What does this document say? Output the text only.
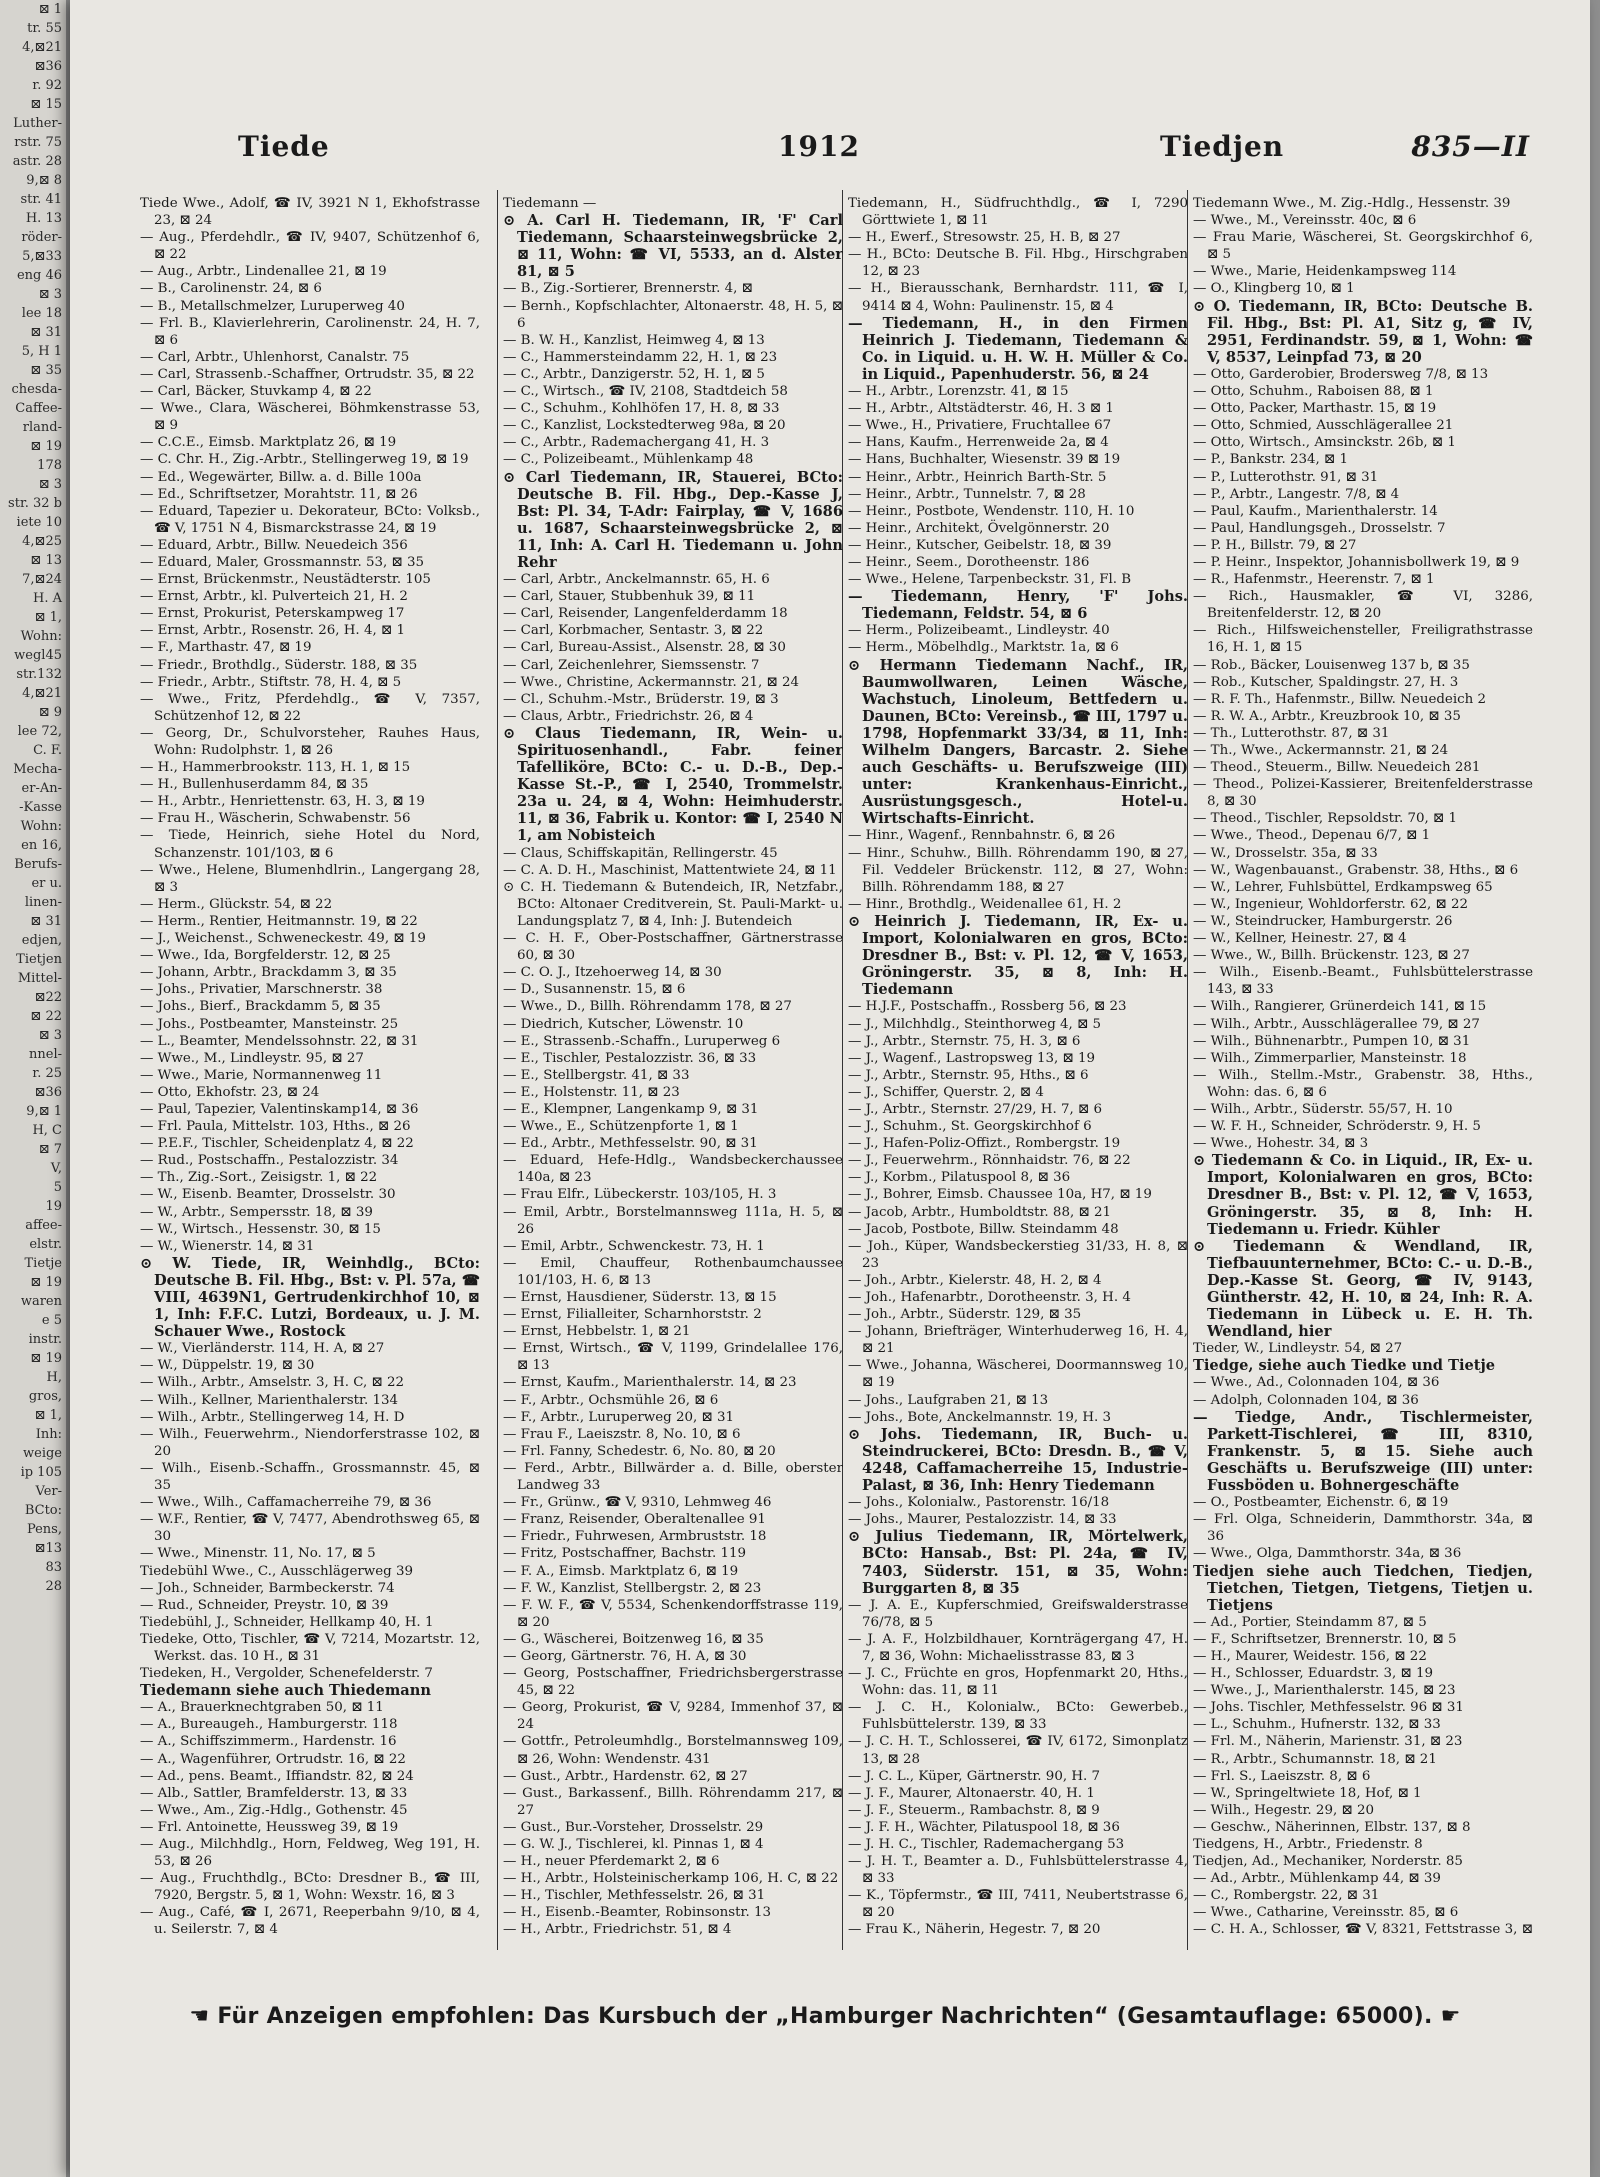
⊠ 1
tr. 55
4,⊠21
⊠36
r. 92
⊠ 15
Luther-
rstr. 75
astr. 28
9,⊠ 8
str. 41
H. 13
röder-
5,⊠33
eng 46
⊠ 3
lee 18
⊠ 31
5, H 1
⊠ 35
chesda-
Caffee-
rland-
⊠ 19
178
⊠ 3
str. 32 b
iete 10
4,⊠25
⊠ 13
7,⊠24
H. A
⊠ 1,
Wohn:
wegl45
str.132
4,⊠21
⊠ 9
lee 72,
C. F.
Mecha-
er-An-
-Kasse
Wohn:
en 16,
Berufs-
er u.
linen-
⊠ 31
edjen,
Tietjen
Mittel-
⊠22
⊠ 22
⊠ 3
nnel-
r. 25
⊠36
9,⊠ 1
H, C
⊠ 7
V,
5
19
affee-
elstr.
Tietje
⊠ 19
waren
e 5
instr.
⊠ 19
H,
gros,
⊠ 1,
Inh:
weige
ip 105
Ver-
BCto:
Pens,
⊠13
83
28
Tiede	1912	Tiedjen	835—II

Tiede Wwe., Adolf, ☎ IV, 3921 N 1, Ekhofstrasse 23, ⊠ 24

— Aug., Pferdehdlr., ☎ IV, 9407, Schützenhof 6, ⊠ 22

— Aug., Arbtr., Lindenallee 21, ⊠ 19

— B., Carolinenstr. 24, ⊠ 6

— B., Metallschmelzer, Luruperweg 40

— Frl. B., Klavierlehrerin, Carolinenstr. 24, H. 7, ⊠ 6

— Carl, Arbtr., Uhlenhorst, Canalstr. 75

— Carl, Strassenb.-Schaffner, Ortrudstr. 35, ⊠ 22

— Carl, Bäcker, Stuvkamp 4, ⊠ 22

— Wwe., Clara, Wäscherei, Böhmkenstrasse 53, ⊠ 9

— C.C.E., Eimsb. Marktplatz 26, ⊠ 19

— C. Chr. H., Zig.-Arbtr., Stellingerweg 19, ⊠ 19

— Ed., Wegewärter, Billw. a. d. Bille 100a

— Ed., Schriftsetzer, Morahtstr. 11, ⊠ 26

— Eduard, Tapezier u. Dekorateur, BCto: Volksb., ☎ V, 1751 N 4, Bismarckstrasse 24, ⊠ 19

— Eduard, Arbtr., Billw. Neuedeich 356

— Eduard, Maler, Grossmannstr. 53, ⊠ 35

— Ernst, Brückenmstr., Neustädterstr. 105

— Ernst, Arbtr., kl. Pulverteich 21, H. 2

— Ernst, Prokurist, Peterskampweg 17

— Ernst, Arbtr., Rosenstr. 26, H. 4, ⊠ 1

— F., Marthastr. 47, ⊠ 19

— Friedr., Brothdlg., Süderstr. 188, ⊠ 35

— Friedr., Arbtr., Stiftstr. 78, H. 4, ⊠ 5

— Wwe., Fritz, Pferdehdlg., ☎ V, 7357, Schützenhof 12, ⊠ 22

— Georg, Dr., Schulvorsteher, Rauhes Haus, Wohn: Rudolphstr. 1, ⊠ 26

— H., Hammerbrookstr. 113, H. 1, ⊠ 15

— H., Bullenhuserdamm 84, ⊠ 35

— H., Arbtr., Henriettenstr. 63, H. 3, ⊠ 19

— Frau H., Wäscherin, Schwabenstr. 56

— Tiede, Heinrich, siehe Hotel du Nord, Schanzenstr. 101/103, ⊠ 6

— Wwe., Helene, Blumenhdlrin., Langergang 28, ⊠ 3

— Herm., Glückstr. 54, ⊠ 22

— Herm., Rentier, Heitmannstr. 19, ⊠ 22

— J., Weichenst., Schweneckestr. 49, ⊠ 19

— Wwe., Ida, Borgfelderstr. 12, ⊠ 25

— Johann, Arbtr., Brackdamm 3, ⊠ 35

— Johs., Privatier, Marschnerstr. 38

— Johs., Bierf., Brackdamm 5, ⊠ 35

— Johs., Postbeamter, Mansteinstr. 25

— L., Beamter, Mendelssohnstr. 22, ⊠ 31

— Wwe., M., Lindleystr. 95, ⊠ 27

— Wwe., Marie, Normannenweg 11

— Otto, Ekhofstr. 23, ⊠ 24

— Paul, Tapezier, Valentinskamp14, ⊠ 36

— Frl. Paula, Mittelstr. 103, Hths., ⊠ 26

— P.E.F., Tischler, Scheidenplatz 4, ⊠ 22

— Rud., Postschaffn., Pestalozzistr. 34

— Th., Zig.-Sort., Zeisigstr. 1, ⊠ 22

— W., Eisenb. Beamter, Drosselstr. 30

— W., Arbtr., Sempersstr. 18, ⊠ 39

— W., Wirtsch., Hessenstr. 30, ⊠ 15

— W., Wienerstr. 14, ⊠ 31

⊙ W. Tiede, IR, Weinhdlg., BCto: Deutsche B. Fil. Hbg., Bst: v. Pl. 57a, ☎ VIII, 4639N1, Gertrudenkirchhof 10, ⊠ 1, Inh: F.F.C. Lutzi, Bordeaux, u. J. M. Schauer Wwe., Rostock

— W., Vierländerstr. 114, H. A, ⊠ 27

— W., Düppelstr. 19, ⊠ 30

— Wilh., Arbtr., Amselstr. 3, H. C, ⊠ 22

— Wilh., Kellner, Marienthalerstr. 134

— Wilh., Arbtr., Stellingerweg 14, H. D

— Wilh., Feuerwehrm., Niendorferstrasse 102, ⊠ 20

— Wilh., Eisenb.-Schaffn., Grossmannstr. 45, ⊠ 35

— Wwe., Wilh., Caffamacherreihe 79, ⊠ 36

— W.F., Rentier, ☎ V, 7477, Abendrothsweg 65, ⊠ 30

— Wwe., Minenstr. 11, No. 17, ⊠ 5

Tiedebühl Wwe., C., Ausschlägerweg 39

— Joh., Schneider, Barmbeckerstr. 74

— Rud., Schneider, Preystr. 10, ⊠ 39

Tiedebühl, J., Schneider, Hellkamp 40, H. 1

Tiedeke, Otto, Tischler, ☎ V, 7214, Mozartstr. 12, Werkst. das. 10 H., ⊠ 31

Tiedeken, H., Vergolder, Schenefelderstr. 7

Tiedemann siehe auch Thiedemann

— A., Brauerknechtgraben 50, ⊠ 11

— A., Bureaugeh., Hamburgerstr. 118

— A., Schiffszimmerm., Hardenstr. 16

— A., Wagenführer, Ortrudstr. 16, ⊠ 22

— Ad., pens. Beamt., Iffiandstr. 82, ⊠ 24

— Alb., Sattler, Bramfelderstr. 13, ⊠ 33

— Wwe., Am., Zig.-Hdlg., Gothenstr. 45

— Frl. Antoinette, Heussweg 39, ⊠ 19

— Aug., Milchhdlg., Horn, Feldweg, Weg 191, H. 53, ⊠ 26

— Aug., Fruchthdlg., BCto: Dresdner B., ☎ III, 7920, Bergstr. 5, ⊠ 1, Wohn: Wexstr. 16, ⊠ 3

— Aug., Café, ☎ I, 2671, Reeperbahn 9/10, ⊠ 4, u. Seilerstr. 7, ⊠ 4

Tiedemann —

⊙ A. Carl H. Tiedemann, IR, 'F' Carl Tiedemann, Schaarsteinwegsbrücke 2, ⊠ 11, Wohn: ☎ VI, 5533, an d. Alster 81, ⊠ 5

— B., Zig.-Sortierer, Brennerstr. 4, ⊠

— Bernh., Kopfschlachter, Altonaerstr. 48, H. 5, ⊠ 6

— B. W. H., Kanzlist, Heimweg 4, ⊠ 13

— C., Hammersteindamm 22, H. 1, ⊠ 23

— C., Arbtr., Danzigerstr. 52, H. 1, ⊠ 5

— C., Wirtsch., ☎ IV, 2108, Stadtdeich 58

— C., Schuhm., Kohlhöfen 17, H. 8, ⊠ 33

— C., Kanzlist, Lockstedterweg 98a, ⊠ 20

— C., Arbtr., Rademachergang 41, H. 3

— C., Polizeibeamt., Mühlenkamp 48

⊙ Carl Tiedemann, IR, Stauerei, BCto: Deutsche B. Fil. Hbg., Dep.-Kasse J, Bst: Pl. 34, T-Adr: Fairplay, ☎ V, 1686 u. 1687, Schaarsteinwegsbrücke 2, ⊠ 11, Inh: A. Carl H. Tiedemann u. John Rehr

— Carl, Arbtr., Anckelmannstr. 65, H. 6

— Carl, Stauer, Stubbenhuk 39, ⊠ 11

— Carl, Reisender, Langenfelderdamm 18

— Carl, Korbmacher, Sentastr. 3, ⊠ 22

— Carl, Bureau-Assist., Alsenstr. 28, ⊠ 30

— Carl, Zeichenlehrer, Siemssenstr. 7

— Wwe., Christine, Ackermannstr. 21, ⊠ 24

— Cl., Schuhm.-Mstr., Brüderstr. 19, ⊠ 3

— Claus, Arbtr., Friedrichstr. 26, ⊠ 4

⊙ Claus Tiedemann, IR, Wein- u. Spirituosenhandl., Fabr. feiner Tafelliköre, BCto: C.- u. D.-B., Dep.-Kasse St.-P., ☎ I, 2540, Trommelstr. 23a u. 24, ⊠ 4, Wohn: Heimhuderstr. 11, ⊠ 36, Fabrik u. Kontor: ☎ I, 2540 N 1, am Nobisteich

— Claus, Schiffskapitän, Rellingerstr. 45

— C. A. D. H., Maschinist, Mattentwiete 24, ⊠ 11

⊙ C. H. Tiedemann & Butendeich, IR, Netzfabr., BCto: Altonaer Creditverein, St. Pauli-Markt- u. Landungsplatz 7, ⊠ 4, Inh: J. Butendeich

— C. H. F., Ober-Postschaffner, Gärtnerstrasse 60, ⊠ 30

— C. O. J., Itzehoerweg 14, ⊠ 30

— D., Susannenstr. 15, ⊠ 6

— Wwe., D., Billh. Röhrendamm 178, ⊠ 27

— Diedrich, Kutscher, Löwenstr. 10

— E., Strassenb.-Schaffn., Luruperweg 6

— E., Tischler, Pestalozzistr. 36, ⊠ 33

— E., Stellbergstr. 41, ⊠ 33

— E., Holstenstr. 11, ⊠ 23

— E., Klempner, Langenkamp 9, ⊠ 31

— Wwe., E., Schützenpforte 1, ⊠ 1

— Ed., Arbtr., Methfesselstr. 90, ⊠ 31

— Eduard, Hefe-Hdlg., Wandsbeckerchaussee 140a, ⊠ 23

— Frau Elfr., Lübeckerstr. 103/105, H. 3

— Emil, Arbtr., Borstelmannsweg 111a, H. 5, ⊠ 26

— Emil, Arbtr., Schwenckestr. 73, H. 1

— Emil, Chauffeur, Rothenbaumchaussee 101/103, H. 6, ⊠ 13

— Ernst, Hausdiener, Süderstr. 13, ⊠ 15

— Ernst, Filialleiter, Scharnhorststr. 2

— Ernst, Hebbelstr. 1, ⊠ 21

— Ernst, Wirtsch., ☎ V, 1199, Grindelallee 176, ⊠ 13

— Ernst, Kaufm., Marienthalerstr. 14, ⊠ 23

— F., Arbtr., Ochsmühle 26, ⊠ 6

— F., Arbtr., Luruperweg 20, ⊠ 31

— Frau F., Laeiszstr. 8, No. 10, ⊠ 6

— Frl. Fanny, Schedestr. 6, No. 80, ⊠ 20

— Ferd., Arbtr., Billwärder a. d. Bille, oberster Landweg 33

— Fr., Grünw., ☎ V, 9310, Lehmweg 46

— Franz, Reisender, Oberaltenallee 91

— Friedr., Fuhrwesen, Armbruststr. 18

— Fritz, Postschaffner, Bachstr. 119

— F. A., Eimsb. Marktplatz 6, ⊠ 19

— F. W., Kanzlist, Stellbergstr. 2, ⊠ 23

— F. W. F., ☎ V, 5534, Schenkendorffstrasse 119, ⊠ 20

— G., Wäscherei, Boitzenweg 16, ⊠ 35

— Georg, Gärtnerstr. 76, H. A, ⊠ 30

— Georg, Postschaffner, Friedrichsbergerstrasse 45, ⊠ 22

— Georg, Prokurist, ☎ V, 9284, Immenhof 37, ⊠ 24

— Gottfr., Petroleumhdlg., Borstelmannsweg 109, ⊠ 26, Wohn: Wendenstr. 431

— Gust., Arbtr., Hardenstr. 62, ⊠ 27

— Gust., Barkassenf., Billh. Röhrendamm 217, ⊠ 27

— Gust., Bur.-Vorsteher, Drosselstr. 29

— G. W. J., Tischlerei, kl. Pinnas 1, ⊠ 4

— H., neuer Pferdemarkt 2, ⊠ 6

— H., Arbtr., Holsteinischerkamp 106, H. C, ⊠ 22

— H., Tischler, Methfesselstr. 26, ⊠ 31

— H., Eisenb.-Beamter, Robinsonstr. 13

— H., Arbtr., Friedrichstr. 51, ⊠ 4

Tiedemann, H., Südfruchthdlg., ☎ I, 7290 Görttwiete 1, ⊠ 11

— H., Ewerf., Stresowstr. 25, H. B, ⊠ 27

— H., BCto: Deutsche B. Fil. Hbg., Hirschgraben 12, ⊠ 23

— H., Bierausschank, Bernhardstr. 111, ☎ I, 9414 ⊠ 4, Wohn: Paulinenstr. 15, ⊠ 4

— Tiedemann, H., in den Firmen Heinrich J. Tiedemann, Tiedemann & Co. in Liquid. u. H. W. H. Müller & Co. in Liquid., Papenhuderstr. 56, ⊠ 24

— H., Arbtr., Lorenzstr. 41, ⊠ 15

— H., Arbtr., Altstädterstr. 46, H. 3 ⊠ 1

— Wwe., H., Privatiere, Fruchtallee 67

— Hans, Kaufm., Herrenweide 2a, ⊠ 4

— Hans, Buchhalter, Wiesenstr. 39 ⊠ 19

— Heinr., Arbtr., Heinrich Barth-Str. 5

— Heinr., Arbtr., Tunnelstr. 7, ⊠ 28

— Heinr., Postbote, Wendenstr. 110, H. 10

— Heinr., Architekt, Övelgönnerstr. 20

— Heinr., Kutscher, Geibelstr. 18, ⊠ 39

— Heinr., Seem., Dorotheenstr. 186

— Wwe., Helene, Tarpenbeckstr. 31, Fl. B

— Tiedemann, Henry, 'F' Johs. Tiedemann, Feldstr. 54, ⊠ 6

— Herm., Polizeibeamt., Lindleystr. 40

— Herm., Möbelhdlg., Marktstr. 1a, ⊠ 6

⊙ Hermann Tiedemann Nachf., IR, Baumwollwaren, Leinen Wäsche, Wachstuch, Linoleum, Bettfedern u. Daunen, BCto: Vereinsb., ☎ III, 1797 u. 1798, Hopfenmarkt 33/34, ⊠ 11, Inh: Wilhelm Dangers, Barcastr. 2. Siehe auch Geschäfts- u. Berufszweige (III) unter: Krankenhaus-Einricht., Ausrüstungsgesch., Hotel-u. Wirtschafts-Einricht.

— Hinr., Wagenf., Rennbahnstr. 6, ⊠ 26

— Hinr., Schuhw., Billh. Röhrendamm 190, ⊠ 27, Fil. Veddeler Brückenstr. 112, ⊠ 27, Wohn: Billh. Röhrendamm 188, ⊠ 27

— Hinr., Brothdlg., Weidenallee 61, H. 2

⊙ Heinrich J. Tiedemann, IR, Ex- u. Import, Kolonialwaren en gros, BCto: Dresdner B., Bst: v. Pl. 12, ☎ V, 1653, Gröningerstr. 35, ⊠ 8, Inh: H. Tiedemann

— H.J.F., Postschaffn., Rossberg 56, ⊠ 23

— J., Milchhdlg., Steinthorweg 4, ⊠ 5

— J., Arbtr., Sternstr. 75, H. 3, ⊠ 6

— J., Wagenf., Lastropsweg 13, ⊠ 19

— J., Arbtr., Sternstr. 95, Hths., ⊠ 6

— J., Schiffer, Querstr. 2, ⊠ 4

— J., Arbtr., Sternstr. 27/29, H. 7, ⊠ 6

— J., Schuhm., St. Georgskirchhof 6

— J., Hafen-Poliz-Offizt., Rombergstr. 19

— J., Feuerwehrm., Rönnhaidstr. 76, ⊠ 22

— J., Korbm., Pilatuspool 8, ⊠ 36

— J., Bohrer, Eimsb. Chaussee 10a, H7, ⊠ 19

— Jacob, Arbtr., Humboldtstr. 88, ⊠ 21

— Jacob, Postbote, Billw. Steindamm 48

— Joh., Küper, Wandsbeckerstieg 31/33, H. 8, ⊠ 23

— Joh., Arbtr., Kielerstr. 48, H. 2, ⊠ 4

— Joh., Hafenarbtr., Dorotheenstr. 3, H. 4

— Joh., Arbtr., Süderstr. 129, ⊠ 35

— Johann, Briefträger, Winterhuderweg 16, H. 4, ⊠ 21

— Wwe., Johanna, Wäscherei, Doormannsweg 10, ⊠ 19

— Johs., Laufgraben 21, ⊠ 13

— Johs., Bote, Anckelmannstr. 19, H. 3

⊙ Johs. Tiedemann, IR, Buch- u. Steindruckerei, BCto: Dresdn. B., ☎ V, 4248, Caffamacherreihe 15, Industrie-Palast, ⊠ 36, Inh: Henry Tiedemann

— Johs., Kolonialw., Pastorenstr. 16/18

— Johs., Maurer, Pestalozzistr. 14, ⊠ 33

⊙ Julius Tiedemann, IR, Mörtelwerk, BCto: Hansab., Bst: Pl. 24a, ☎ IV, 7403, Süderstr. 151, ⊠ 35, Wohn: Burggarten 8, ⊠ 35

— J. A. E., Kupferschmied, Greifswalderstrasse 76/78, ⊠ 5

— J. A. F., Holzbildhauer, Kornträgergang 47, H. 7, ⊠ 36, Wohn: Michaelisstrasse 83, ⊠ 3

— J. C., Früchte en gros, Hopfenmarkt 20, Hths., Wohn: das. 11, ⊠ 11

— J. C. H., Kolonialw., BCto: Gewerbeb., Fuhlsbüttelerstr. 139, ⊠ 33

— J. C. H. T., Schlosserei, ☎ IV, 6172, Simonplatz 13, ⊠ 28

— J. C. L., Küper, Gärtnerstr. 90, H. 7

— J. F., Maurer, Altonaerstr. 40, H. 1

— J. F., Steuerm., Rambachstr. 8, ⊠ 9

— J. F. H., Wächter, Pilatuspool 18, ⊠ 36

— J. H. C., Tischler, Rademachergang 53

— J. H. T., Beamter a. D., Fuhlsbüttelerstrasse 4, ⊠ 33

— K., Töpfermstr., ☎ III, 7411, Neubertstrasse 6, ⊠ 20

— Frau K., Näherin, Hegestr. 7, ⊠ 20

Tiedemann Wwe., M. Zig.-Hdlg., Hessenstr. 39

— Wwe., M., Vereinsstr. 40c, ⊠ 6

— Frau Marie, Wäscherei, St. Georgskirchhof 6, ⊠ 5

— Wwe., Marie, Heidenkampsweg 114

— O., Klingberg 10, ⊠ 1

⊙ O. Tiedemann, IR, BCto: Deutsche B. Fil. Hbg., Bst: Pl. A1, Sitz g, ☎ IV, 2951, Ferdinandstr. 59, ⊠ 1, Wohn: ☎ V, 8537, Leinpfad 73, ⊠ 20

— Otto, Garderobier, Brodersweg 7/8, ⊠ 13

— Otto, Schuhm., Raboisen 88, ⊠ 1

— Otto, Packer, Marthastr. 15, ⊠ 19

— Otto, Schmied, Ausschlägerallee 21

— Otto, Wirtsch., Amsinckstr. 26b, ⊠ 1

— P., Bankstr. 234, ⊠ 1

— P., Lutterothstr. 91, ⊠ 31

— P., Arbtr., Langestr. 7/8, ⊠ 4

— Paul, Kaufm., Marienthalerstr. 14

— Paul, Handlungsgeh., Drosselstr. 7

— P. H., Billstr. 79, ⊠ 27

— P. Heinr., Inspektor, Johannisbollwerk 19, ⊠ 9

— R., Hafenmstr., Heerenstr. 7, ⊠ 1

— Rich., Hausmakler, ☎ VI, 3286, Breitenfelderstr. 12, ⊠ 20

— Rich., Hilfsweichensteller, Freiligrathstrasse 16, H. 1, ⊠ 15

— Rob., Bäcker, Louisenweg 137 b, ⊠ 35

— Rob., Kutscher, Spaldingstr. 27, H. 3

— R. F. Th., Hafenmstr., Billw. Neuedeich 2

— R. W. A., Arbtr., Kreuzbrook 10, ⊠ 35

— Th., Lutterothstr. 87, ⊠ 31

— Th., Wwe., Ackermannstr. 21, ⊠ 24

— Theod., Steuerm., Billw. Neuedeich 281

— Theod., Polizei-Kassierer, Breitenfelderstrasse 8, ⊠ 30

— Theod., Tischler, Repsoldstr. 70, ⊠ 1

— Wwe., Theod., Depenau 6/7, ⊠ 1

— W., Drosselstr. 35a, ⊠ 33

— W., Wagenbauanst., Grabenstr. 38, Hths., ⊠ 6

— W., Lehrer, Fuhlsbüttel, Erdkampsweg 65

— W., Ingenieur, Wohldorferstr. 62, ⊠ 22

— W., Steindrucker, Hamburgerstr. 26

— W., Kellner, Heinestr. 27, ⊠ 4

— Wwe., W., Billh. Brückenstr. 123, ⊠ 27

— Wilh., Eisenb.-Beamt., Fuhlsbüttelerstrasse 143, ⊠ 33

— Wilh., Rangierer, Grünerdeich 141, ⊠ 15

— Wilh., Arbtr., Ausschlägerallee 79, ⊠ 27

— Wilh., Bühnenarbtr., Pumpen 10, ⊠ 31

— Wilh., Zimmerparlier, Mansteinstr. 18

— Wilh., Stellm.-Mstr., Grabenstr. 38, Hths., Wohn: das. 6, ⊠ 6

— Wilh., Arbtr., Süderstr. 55/57, H. 10

— W. F. H., Schneider, Schröderstr. 9, H. 5

— Wwe., Hohestr. 34, ⊠ 3

⊙ Tiedemann & Co. in Liquid., IR, Ex- u. Import, Kolonialwaren en gros, BCto: Dresdner B., Bst: v. Pl. 12, ☎ V, 1653, Gröningerstr. 35, ⊠ 8, Inh: H. Tiedemann u. Friedr. Kühler

⊙ Tiedemann & Wendland, IR, Tiefbauunternehmer, BCto: C.- u. D.-B., Dep.-Kasse St. Georg, ☎ IV, 9143, Güntherstr. 42, H. 10, ⊠ 24, Inh: R. A. Tiedemann in Lübeck u. E. H. Th. Wendland, hier

Tieder, W., Lindleystr. 54, ⊠ 27

Tiedge, siehe auch Tiedke und Tietje

— Wwe., Ad., Colonnaden 104, ⊠ 36

— Adolph, Colonnaden 104, ⊠ 36

— Tiedge, Andr., Tischlermeister, Parkett-Tischlerei, ☎ III, 8310, Frankenstr. 5, ⊠ 15. Siehe auch Geschäfts u. Berufszweige (III) unter: Fussböden u. Bohnergeschäfte

— O., Postbeamter, Eichenstr. 6, ⊠ 19

— Frl. Olga, Schneiderin, Dammthorstr. 34a, ⊠ 36

— Wwe., Olga, Dammthorstr. 34a, ⊠ 36

Tiedjen siehe auch Tiedchen, Tiedjen, Tietchen, Tietgen, Tietgens, Tietjen u. Tietjens

— Ad., Portier, Steindamm 87, ⊠ 5

— F., Schriftsetzer, Brennerstr. 10, ⊠ 5

— H., Maurer, Weidestr. 156, ⊠ 22

— H., Schlosser, Eduardstr. 3, ⊠ 19

— Wwe., J., Marienthalerstr. 145, ⊠ 23

— Johs. Tischler, Methfesselstr. 96 ⊠ 31

— L., Schuhm., Hufnerstr. 132, ⊠ 33

— Frl. M., Näherin, Marienstr. 31, ⊠ 23

— R., Arbtr., Schumannstr. 18, ⊠ 21

— Frl. S., Laeiszstr. 8, ⊠ 6

— W., Springeltwiete 18, Hof, ⊠ 1

— Wilh., Hegestr. 29, ⊠ 20

— Geschw., Näherinnen, Elbstr. 137, ⊠ 8

Tiedgens, H., Arbtr., Friedenstr. 8

Tiedjen, Ad., Mechaniker, Norderstr. 85

— Ad., Arbtr., Mühlenkamp 44, ⊠ 39

— C., Rombergstr. 22, ⊠ 31

— Wwe., Catharine, Vereinsstr. 85, ⊠ 6

— C. H. A., Schlosser, ☎ V, 8321, Fettstrasse 3, ⊠

☚ Für Anzeigen empfohlen: Das Kursbuch der „Hamburger Nachrichten“ (Gesamtauflage: 65000). ☛
